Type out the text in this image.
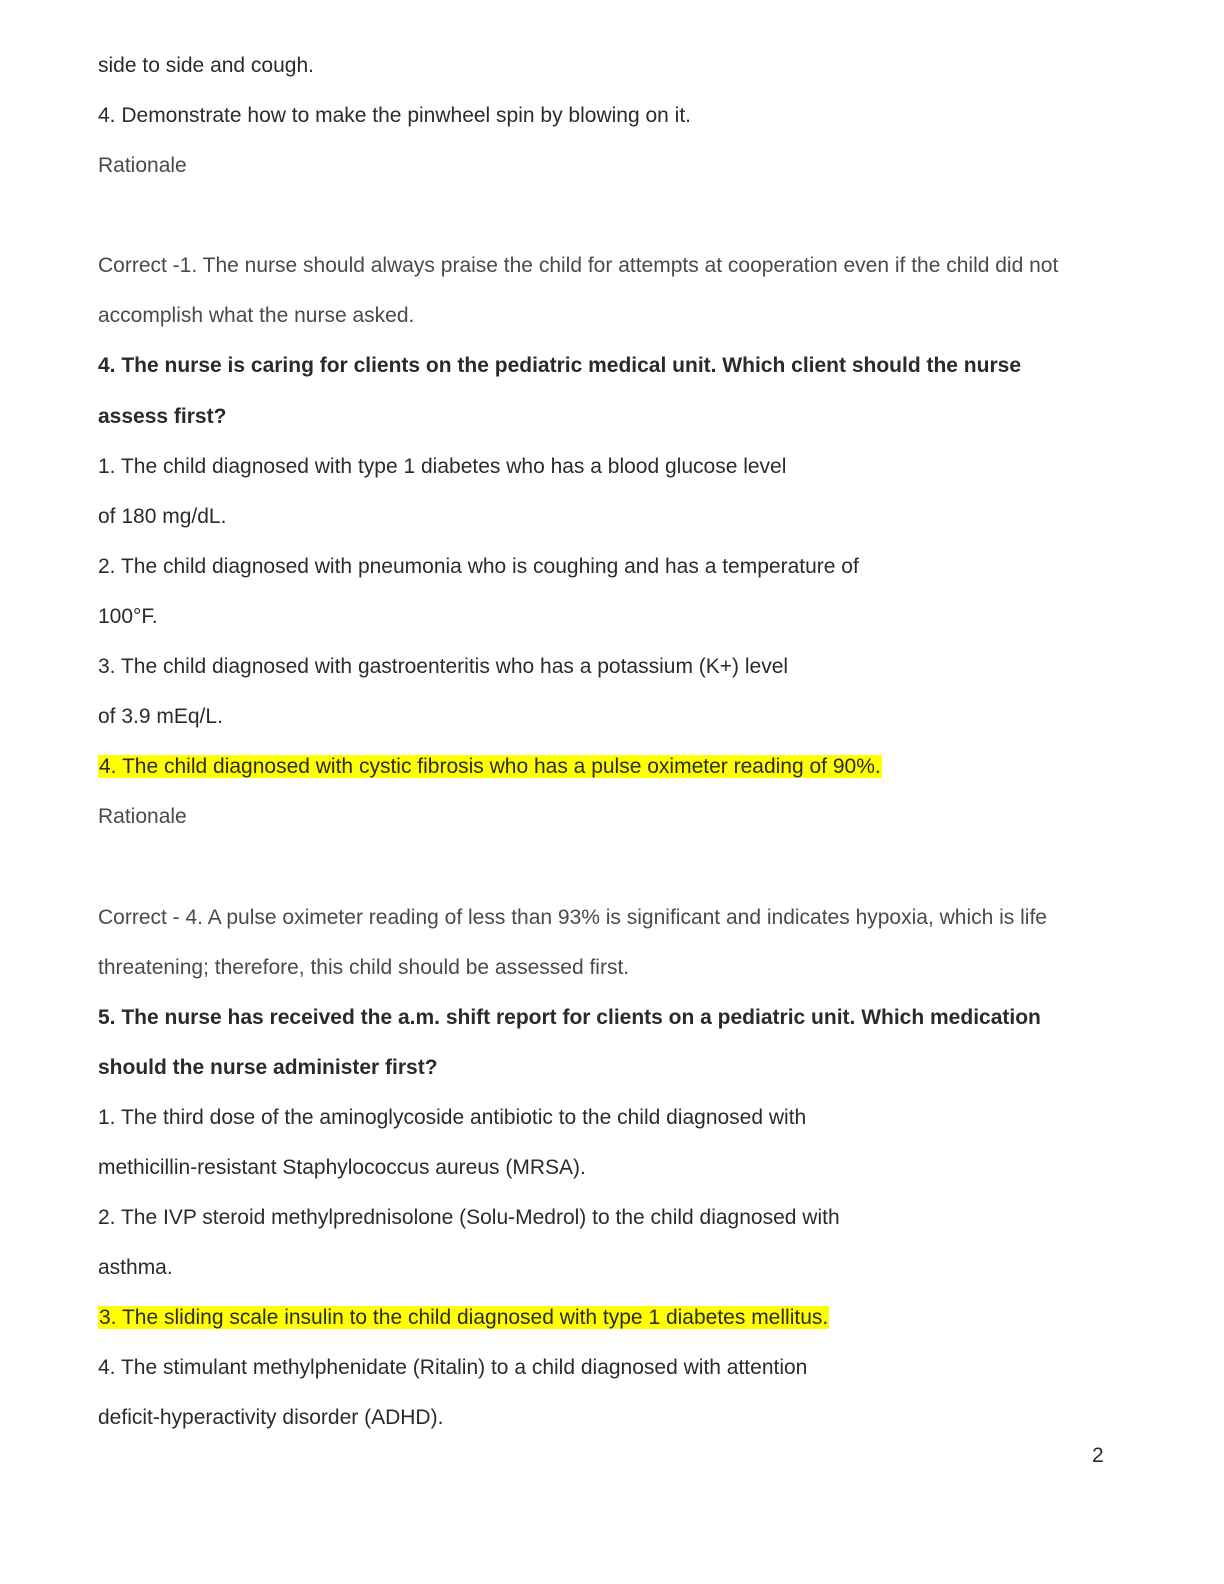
side to side and cough.
4. Demonstrate how to make the pinwheel spin by blowing on it.
Rationale
Correct -1. The nurse should always praise the child for attempts at cooperation even if the child did not
accomplish what the nurse asked.
4. The nurse is caring for clients on the pediatric medical unit. Which client should the nurse
assess first?
1. The child diagnosed with type 1 diabetes who has a blood glucose level
of 180 mg/dL.
2. The child diagnosed with pneumonia who is coughing and has a temperature of
100°F.
3. The child diagnosed with gastroenteritis who has a potassium (K+) level
of 3.9 mEq/L.
4. The child diagnosed with cystic fibrosis who has a pulse oximeter reading of 90%.
Rationale
Correct - 4. A pulse oximeter reading of less than 93% is significant and indicates hypoxia, which is life
threatening; therefore, this child should be assessed first.
5. The nurse has received the a.m. shift report for clients on a pediatric unit. Which medication
should the nurse administer first?
1. The third dose of the aminoglycoside antibiotic to the child diagnosed with
methicillin-resistant Staphylococcus aureus (MRSA).
2. The IVP steroid methylprednisolone (Solu-Medrol) to the child diagnosed with
asthma.
3. The sliding scale insulin to the child diagnosed with type 1 diabetes mellitus.
4. The stimulant methylphenidate (Ritalin) to a child diagnosed with attention
deficit-hyperactivity disorder (ADHD).
2
